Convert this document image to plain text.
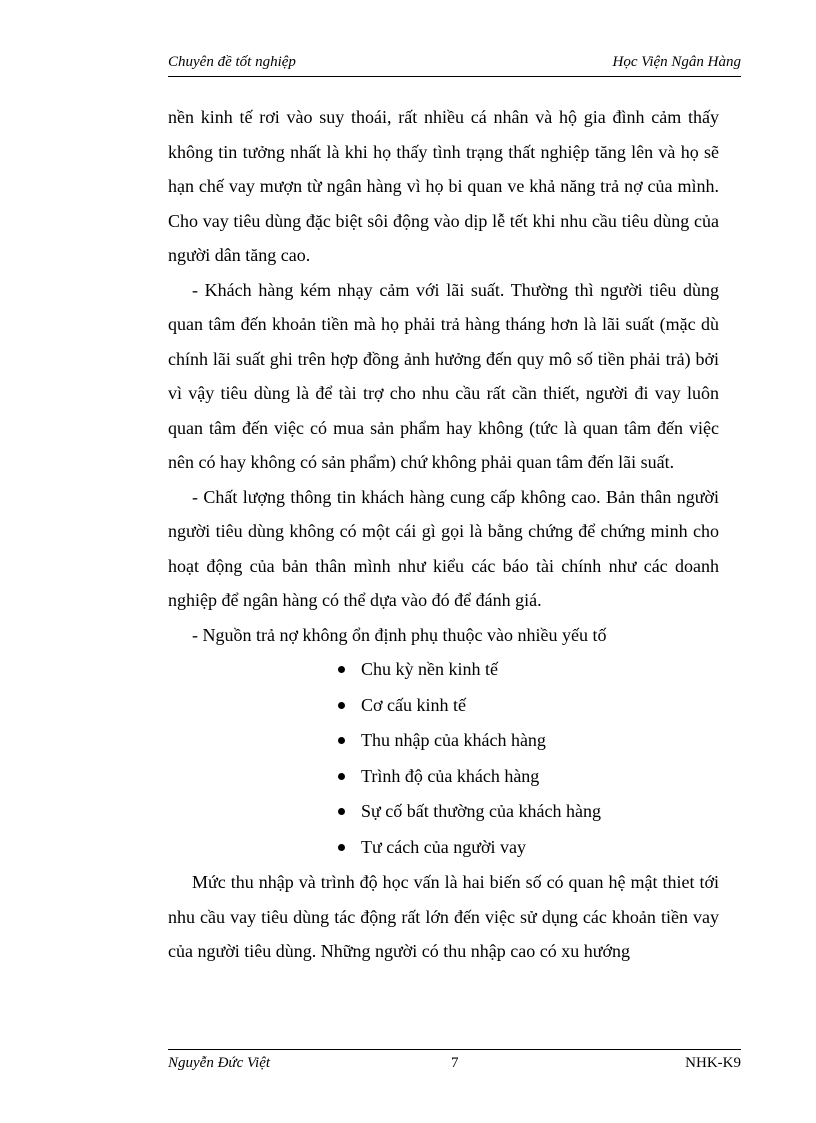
Chuyên đề tốt nghiệp	Học Viện Ngân Hàng

nền kinh tế rơi vào suy thoái, rất nhiều cá nhân và hộ gia đình cảm thấy không tin tưởng nhất là khi họ thấy tình trạng thất nghiệp tăng lên và họ sẽ hạn chế vay mượn từ ngân hàng vì họ bi quan ve khả năng trả nợ của mình. Cho vay tiêu dùng đặc biệt sôi động vào dịp lễ tết khi nhu cầu tiêu dùng của người dân tăng cao.

- Khách hàng kém nhạy cảm với lãi suất. Thường thì người tiêu dùng quan tâm đến khoản tiền mà họ phải trả hàng tháng hơn là lãi suất (mặc dù chính lãi suất ghi trên hợp đồng ảnh hưởng đến quy mô số tiền phải trả) bởi vì vậy tiêu dùng là để tài trợ cho nhu cầu rất cần thiết, người đi vay luôn quan tâm đến việc có mua sản phẩm hay không (tức là quan tâm đến việc nên có hay không có sản phẩm) chứ không phải quan tâm đến lãi suất.

- Chất lượng thông tin khách hàng cung cấp không cao. Bản thân người người tiêu dùng không có một cái gì gọi là bằng chứng để chứng minh cho hoạt động của bản thân mình như kiểu các báo tài chính như các doanh nghiệp để ngân hàng có thể dựa vào đó để đánh giá.

- Nguồn trả nợ không ổn định phụ thuộc vào nhiều yếu tố

Chu kỳ nền kinh tế
Cơ cấu kinh tế
Thu nhập của khách hàng
Trình độ của khách hàng
Sự cố bất thường của khách hàng
Tư cách của người vay

Mức thu nhập và trình độ học vấn là hai biến số có quan hệ mật thiet tới nhu cầu vay tiêu dùng tác động rất lớn đến việc sử dụng các khoản tiền vay của người tiêu dùng. Những người có thu nhập cao có xu hướng

Nguyễn Đức Việt	7	NHK-K9
